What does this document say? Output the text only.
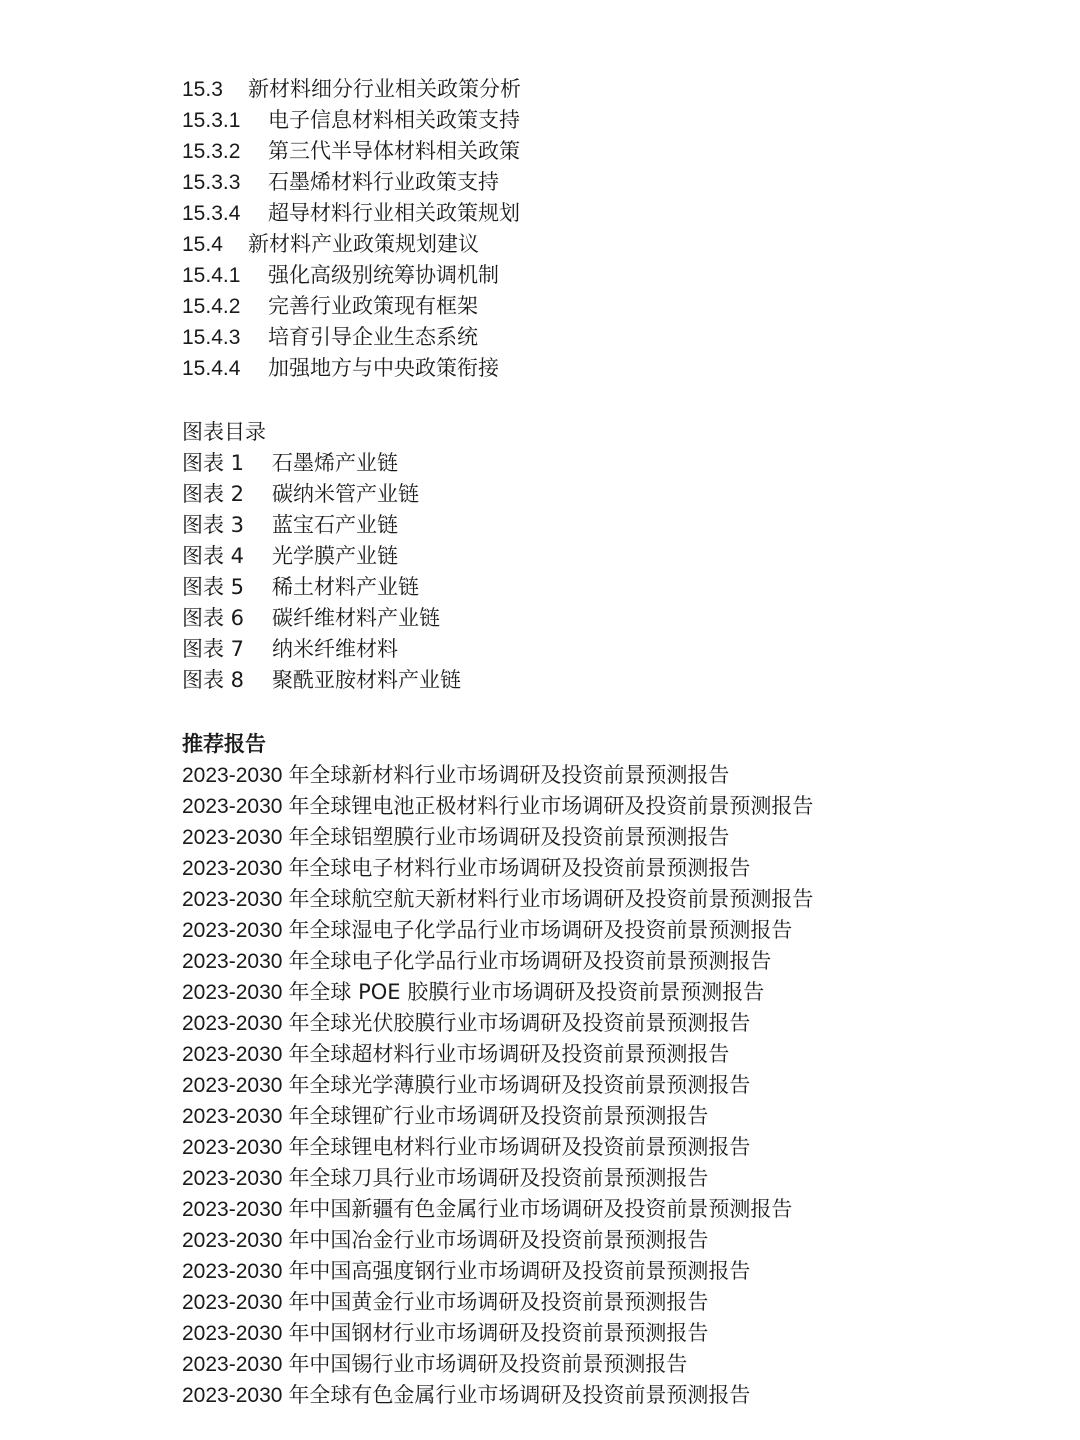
15.3	新材料细分行业相关政策分析
15.3.1	电子信息材料相关政策支持
15.3.2	第三代半导体材料相关政策
15.3.3	石墨烯材料行业政策支持
15.3.4	超导材料行业相关政策规划
15.4	新材料产业政策规划建议
15.4.1	强化高级别统筹协调机制
15.4.2	完善行业政策现有框架
15.4.3	培育引导企业生态系统
15.4.4	加强地方与中央政策衔接
图表目录
图表 1	石墨烯产业链
图表 2	碳纳米管产业链
图表 3	蓝宝石产业链
图表 4	光学膜产业链
图表 5	稀土材料产业链
图表 6	碳纤维材料产业链
图表 7	纳米纤维材料
图表 8	聚酰亚胺材料产业链
推荐报告
2023-2030 年全球新材料行业市场调研及投资前景预测报告
2023-2030 年全球锂电池正极材料行业市场调研及投资前景预测报告
2023-2030 年全球铝塑膜行业市场调研及投资前景预测报告
2023-2030 年全球电子材料行业市场调研及投资前景预测报告
2023-2030 年全球航空航天新材料行业市场调研及投资前景预测报告
2023-2030 年全球湿电子化学品行业市场调研及投资前景预测报告
2023-2030 年全球电子化学品行业市场调研及投资前景预测报告
2023-2030 年全球 POE 胶膜行业市场调研及投资前景预测报告
2023-2030 年全球光伏胶膜行业市场调研及投资前景预测报告
2023-2030 年全球超材料行业市场调研及投资前景预测报告
2023-2030 年全球光学薄膜行业市场调研及投资前景预测报告
2023-2030 年全球锂矿行业市场调研及投资前景预测报告
2023-2030 年全球锂电材料行业市场调研及投资前景预测报告
2023-2030 年全球刀具行业市场调研及投资前景预测报告
2023-2030 年中国新疆有色金属行业市场调研及投资前景预测报告
2023-2030 年中国冶金行业市场调研及投资前景预测报告
2023-2030 年中国高强度钢行业市场调研及投资前景预测报告
2023-2030 年中国黄金行业市场调研及投资前景预测报告
2023-2030 年中国钢材行业市场调研及投资前景预测报告
2023-2030 年中国锡行业市场调研及投资前景预测报告
2023-2030 年全球有色金属行业市场调研及投资前景预测报告
